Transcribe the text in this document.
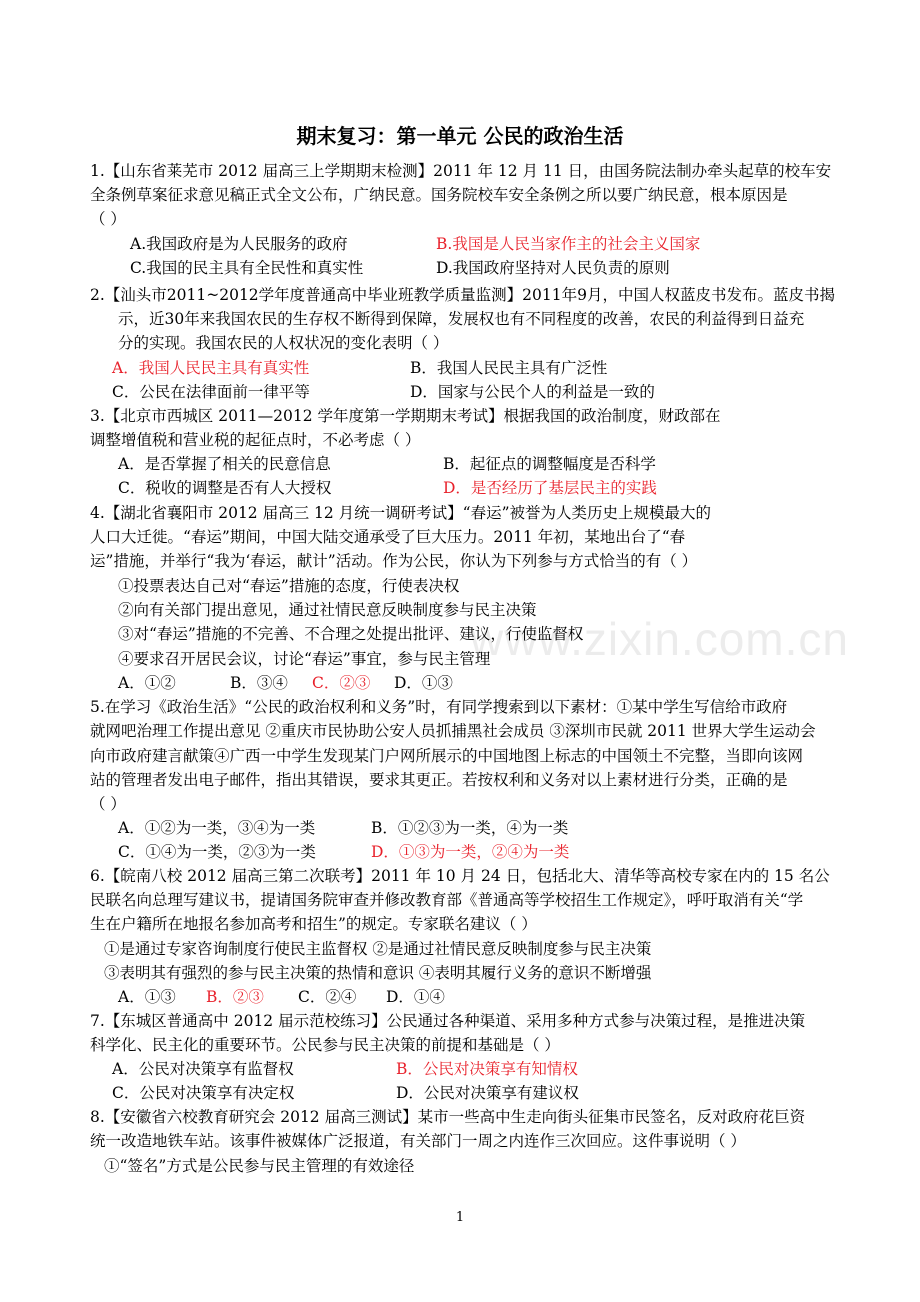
www.zixin.com.cn
期末复习：第一单元 公民的政治生活
1.【山东省莱芜市 2012 届高三上学期期末检测】2011 年 12 月 11 日，由国务院法制办牵头起草的校车安
全条例草案征求意见稿正式全文公布，广纳民意。国务院校车安全条例之所以要广纳民意，根本原因是
（ ）
A.我国政府是为人民服务的政府	B.我国是人民当家作主的社会主义国家
C.我国的民主具有全民性和真实性	D.我国政府坚持对人民负责的原则
2.【汕头市2011~2012学年度普通高中毕业班教学质量监测】2011年9月，中国人权蓝皮书发布。蓝皮书揭
示，近30年来我国农民的生存权不断得到保障，发展权也有不同程度的改善，农民的利益得到日益充
分的实现。我国农民的人权状况的变化表明（ ）
A．我国人民民主具有真实性	B．我国人民民主具有广泛性
C．公民在法律面前一律平等	D．国家与公民个人的利益是一致的
3.【北京市西城区 2011—2012 学年度第一学期期末考试】根据我国的政治制度，财政部在
调整增值税和营业税的起征点时，不必考虑（ ）
A．是否掌握了相关的民意信息	B．起征点的调整幅度是否科学
C．税收的调整是否有人大授权	D．是否经历了基层民主的实践
4.【湖北省襄阳市 2012 届高三 12 月统一调研考试】“春运”被誉为人类历史上规模最大的
人口大迁徙。“春运”期间，中国大陆交通承受了巨大压力。2011 年初，某地出台了“春
运”措施，并举行“我为‘春运，献计”活动。作为公民，你认为下列参与方式恰当的有（ ）
①投票表达自己对“春运”措施的态度，行使表决权
②向有关部门提出意见，通过社情民意反映制度参与民主决策
③对“春运”措施的不完善、不合理之处提出批评、建议，行使监督权
④要求召开居民会议，讨论“春运”事宜，参与民主管理
A．①②	B．③④ C．②③ D．①③
5.在学习《政治生活》“公民的政治权利和义务”时，有同学搜索到以下素材：①某中学生写信给市政府
就网吧治理工作提出意见 ②重庆市民协助公安人员抓捕黑社会成员 ③深圳市民就 2011 世界大学生运动会
向市政府建言献策④广西一中学生发现某门户网所展示的中国地图上标志的中国领土不完整，当即向该网
站的管理者发出电子邮件，指出其错误，要求其更正。若按权利和义务对以上素材进行分类，正确的是
（ ）
A．①②为一类，③④为一类	B．①②③为一类，④为一类
C．①④为一类，②③为一类	D．①③为一类，②④为一类
6.【皖南八校 2012 届高三第二次联考】2011 年 10 月 24 日，包括北大、清华等高校专家在内的 15 名公
民联名向总理写建议书，提请国务院审查并修改教育部《普通高等学校招生工作规定》，呼吁取消有关“学
生在户籍所在地报名参加高考和招生”的规定。专家联名建议（ ）
①是通过专家咨询制度行使民主监督权 ②是通过社情民意反映制度参与民主决策
③表明其有强烈的参与民主决策的热情和意识 ④表明其履行义务的意识不断增强
A．①③ B．②③ C．②④ D．①④
7.【东城区普通高中 2012 届示范校练习】公民通过各种渠道、采用多种方式参与决策过程，是推进决策
科学化、民主化的重要环节。公民参与民主决策的前提和基础是（ ）
A．公民对决策享有监督权	B．公民对决策享有知情权
C．公民对决策享有决定权	D．公民对决策享有建议权
8.【安徽省六校教育研究会 2012 届高三测试】某市一些高中生走向街头征集市民签名，反对政府花巨资
统一改造地铁车站。该事件被媒体广泛报道，有关部门一周之内连作三次回应。这件事说明（ ）
①“签名”方式是公民参与民主管理的有效途径
1
